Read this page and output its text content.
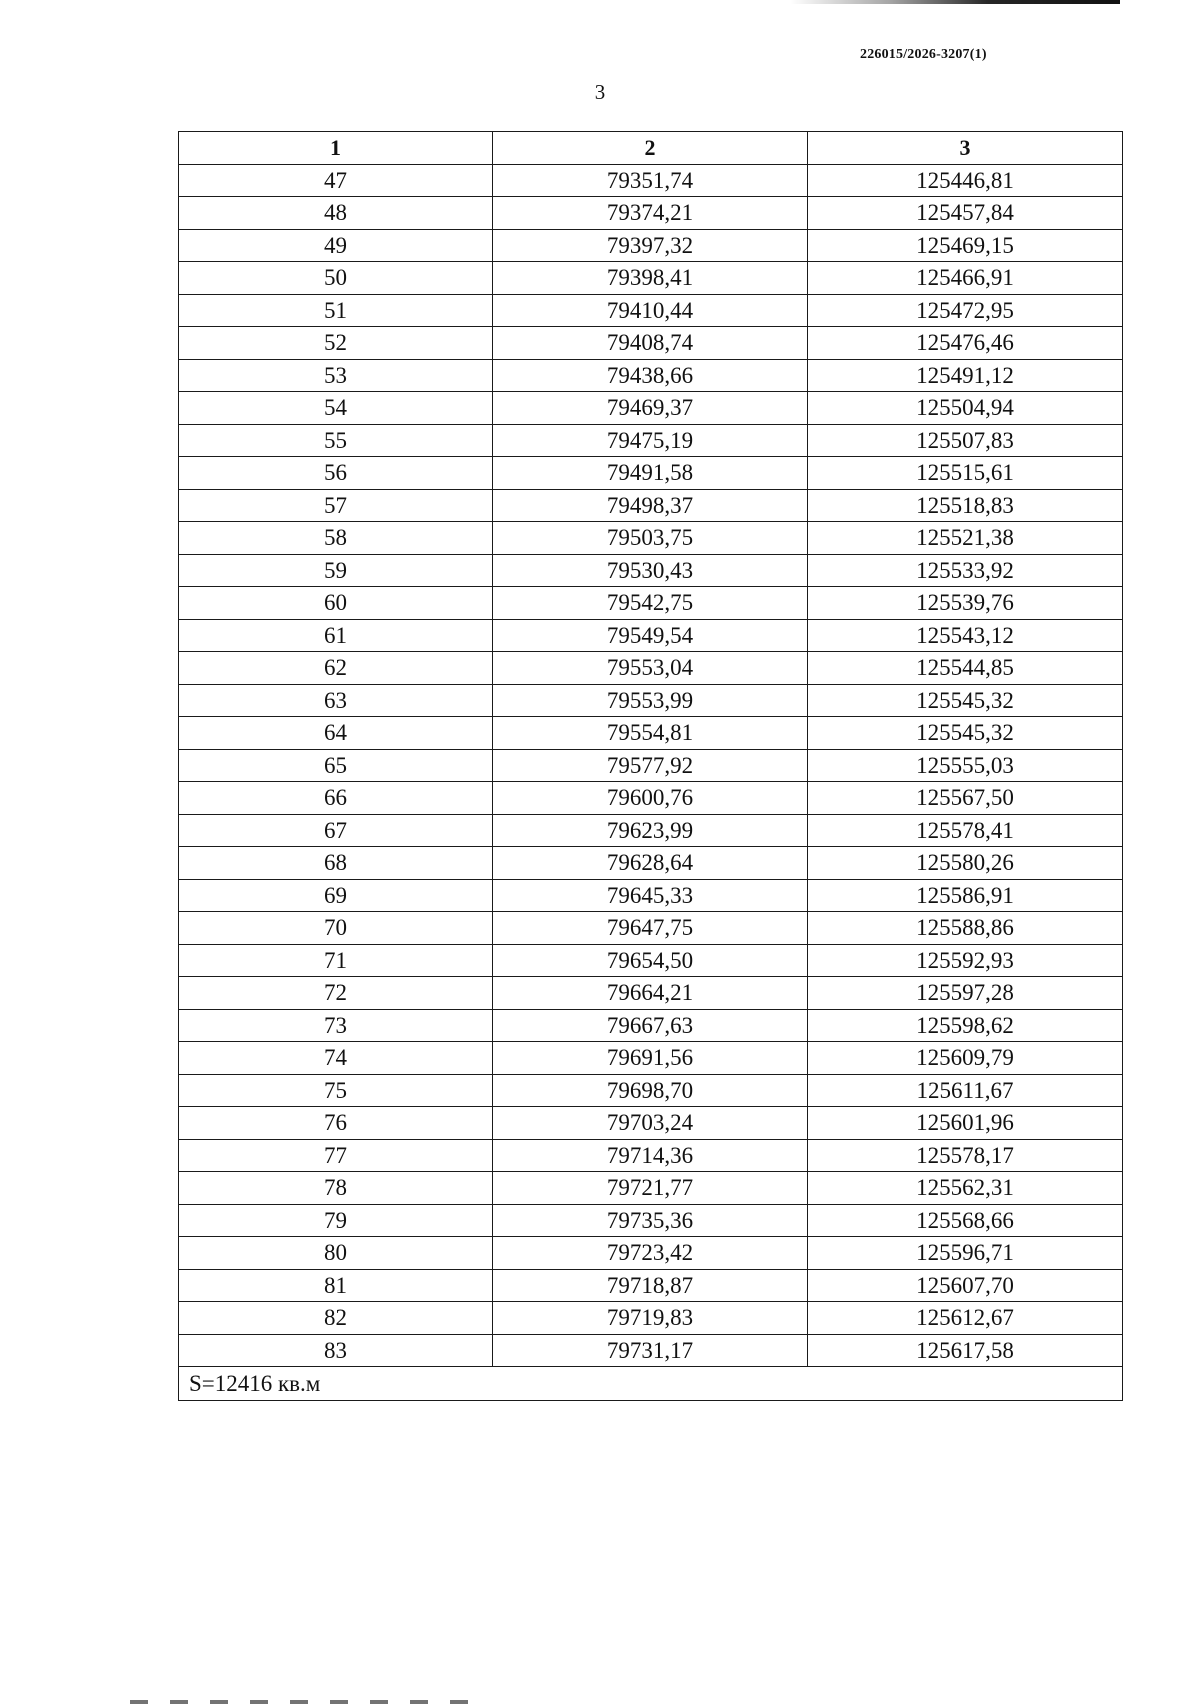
226015/2026-3207(1)
3
1	2	3
47	79351,74	125446,81
48	79374,21	125457,84
49	79397,32	125469,15
50	79398,41	125466,91
51	79410,44	125472,95
52	79408,74	125476,46
53	79438,66	125491,12
54	79469,37	125504,94
55	79475,19	125507,83
56	79491,58	125515,61
57	79498,37	125518,83
58	79503,75	125521,38
59	79530,43	125533,92
60	79542,75	125539,76
61	79549,54	125543,12
62	79553,04	125544,85
63	79553,99	125545,32
64	79554,81	125545,32
65	79577,92	125555,03
66	79600,76	125567,50
67	79623,99	125578,41
68	79628,64	125580,26
69	79645,33	125586,91
70	79647,75	125588,86
71	79654,50	125592,93
72	79664,21	125597,28
73	79667,63	125598,62
74	79691,56	125609,79
75	79698,70	125611,67
76	79703,24	125601,96
77	79714,36	125578,17
78	79721,77	125562,31
79	79735,36	125568,66
80	79723,42	125596,71
81	79718,87	125607,70
82	79719,83	125612,67
83	79731,17	125617,58
S=12416 кв.м		
